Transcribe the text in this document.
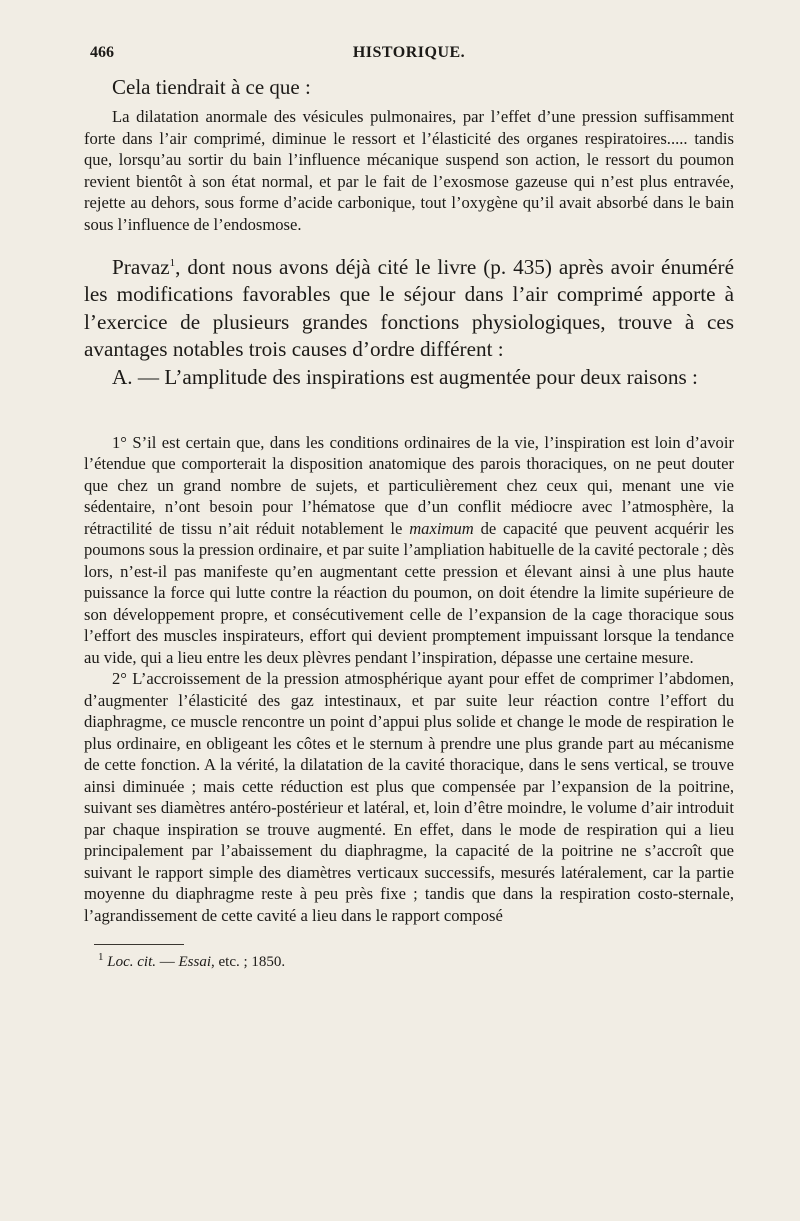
466	HISTORIQUE.

Cela tiendrait à ce que :

La dilatation anormale des vésicules pulmonaires, par l’effet d’une pression suffisamment forte dans l’air comprimé, diminue le ressort et l’élasticité des organes respiratoires..... tandis que, lorsqu’au sortir du bain l’influence mécanique suspend son action, le ressort du poumon revient bientôt à son état normal, et par le fait de l’exosmose gazeuse qui n’est plus entravée, rejette au dehors, sous forme d’acide carbonique, tout l’oxygène qu’il avait absorbé dans le bain sous l’influence de l’endosmose.

Pravaz$^1$, dont nous avons déjà cité le livre (p. 435) après avoir énuméré les modifications favorables que le séjour dans l’air comprimé apporte à l’exercice de plusieurs grandes fonctions physiologiques, trouve à ces avantages notables trois causes d’ordre différent :

A. — L’amplitude des inspirations est augmentée pour deux raisons :

1° S’il est certain que, dans les conditions ordinaires de la vie, l’inspiration est loin d’avoir l’étendue que comporterait la disposition anatomique des parois thoraciques, on ne peut douter que chez un grand nombre de sujets, et particulièrement chez ceux qui, menant une vie sédentaire, n’ont besoin pour l’hématose que d’un conflit médiocre avec l’atmosphère, la rétractilité de tissu n’ait réduit notablement le maximum de capacité que peuvent acquérir les poumons sous la pression ordinaire, et par suite l’ampliation habituelle de la cavité pectorale ; dès lors, n’est-il pas manifeste qu’en augmentant cette pression et élevant ainsi à une plus haute puissance la force qui lutte contre la réaction du poumon, on doit étendre la limite supérieure de son développement propre, et consécutivement celle de l’expansion de la cage thoracique sous l’effort des muscles inspirateurs, effort qui devient promptement impuissant lorsque la tendance au vide, qui a lieu entre les deux plèvres pendant l’inspiration, dépasse une certaine mesure.

2° L’accroissement de la pression atmosphérique ayant pour effet de comprimer l’abdomen, d’augmenter l’élasticité des gaz intestinaux, et par suite leur réaction contre l’effort du diaphragme, ce muscle rencontre un point d’appui plus solide et change le mode de respiration le plus ordinaire, en obligeant les côtes et le sternum à prendre une plus grande part au mécanisme de cette fonction. A la vérité, la dilatation de la cavité thoracique, dans le sens vertical, se trouve ainsi diminuée ; mais cette réduction est plus que compensée par l’expansion de la poitrine, suivant ses diamètres antéro-postérieur et latéral, et, loin d’être moindre, le volume d’air introduit par chaque inspiration se trouve augmenté. En effet, dans le mode de respiration qui a lieu principalement par l’abaissement du diaphragme, la capacité de la poitrine ne s’accroît que suivant le rapport simple des diamètres verticaux successifs, mesurés latéralement, car la partie moyenne du diaphragme reste à peu près fixe ; tandis que dans la respiration costo-sternale, l’agrandissement de cette cavité a lieu dans le rapport composé

$^1$ Loc. cit. — Essai, etc. ; 1850.
